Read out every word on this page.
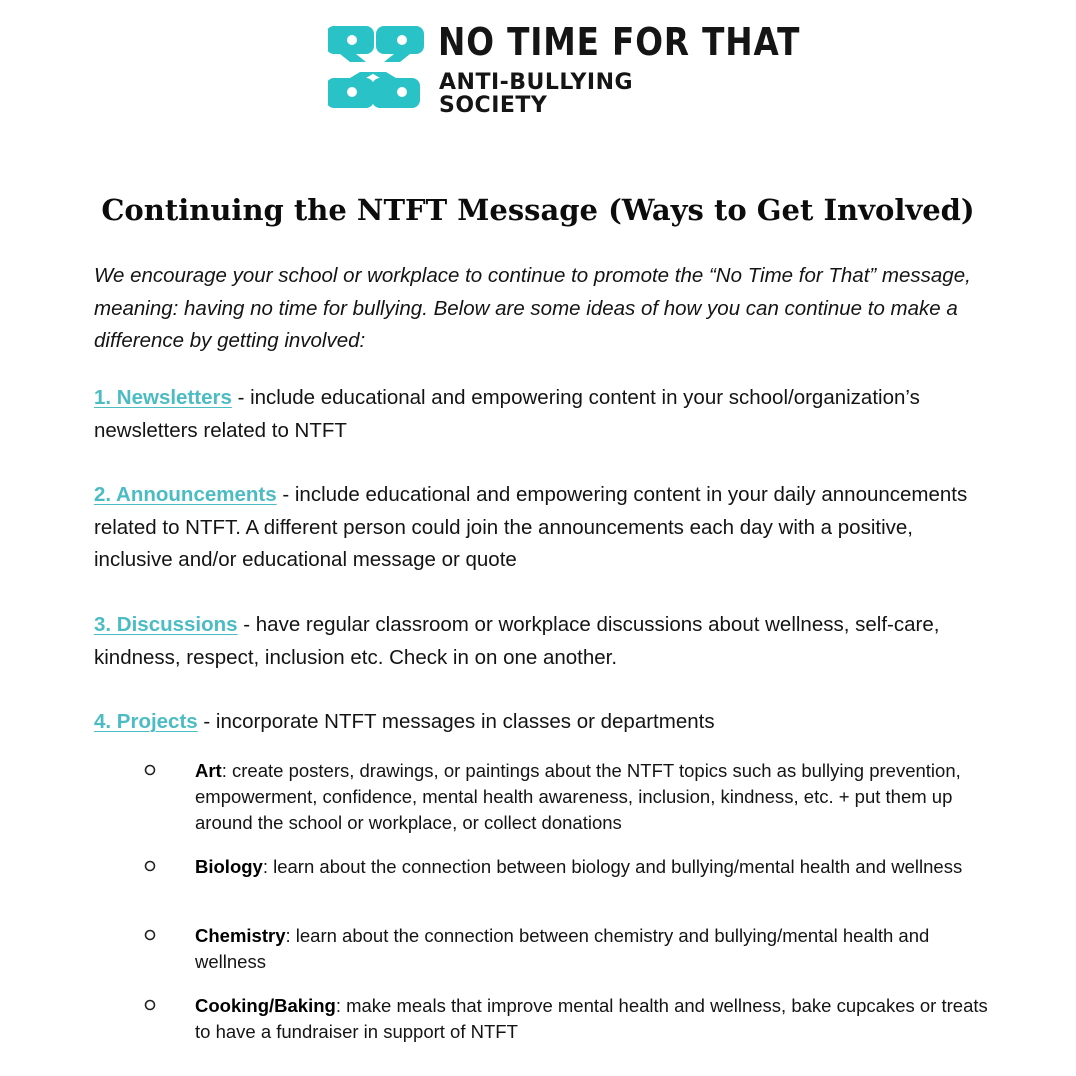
NO TIME FOR THAT
ANTI-BULLYING
SOCIETY
Continuing the NTFT Message (Ways to Get Involved)

We encourage your school or workplace to continue to promote the “No Time for That” message, meaning: having no time for bullying. Below are some ideas of how you can continue to make a difference by getting involved:

1. Newsletters - include educational and empowering content in your school/organization’s newsletters related to NTFT

2. Announcements - include educational and empowering content in your daily announcements related to NTFT. A different person could join the announcements each day with a positive, inclusive and/or educational message or quote

3. Discussions - have regular classroom or workplace discussions about wellness, self-care, kindness, respect, inclusion etc. Check in on one another.

4. Projects - incorporate NTFT messages in classes or departments

Art: create posters, drawings, or paintings about the NTFT topics such as bullying prevention, empowerment, confidence, mental health awareness, inclusion, kindness, etc. + put them up around the school or workplace, or collect donations

Biology: learn about the connection between biology and bullying/mental health and wellness

Chemistry: learn about the connection between chemistry and bullying/mental health and wellness

Cooking/Baking: make meals that improve mental health and wellness, bake cupcakes or treats to have a fundraiser in support of NTFT
